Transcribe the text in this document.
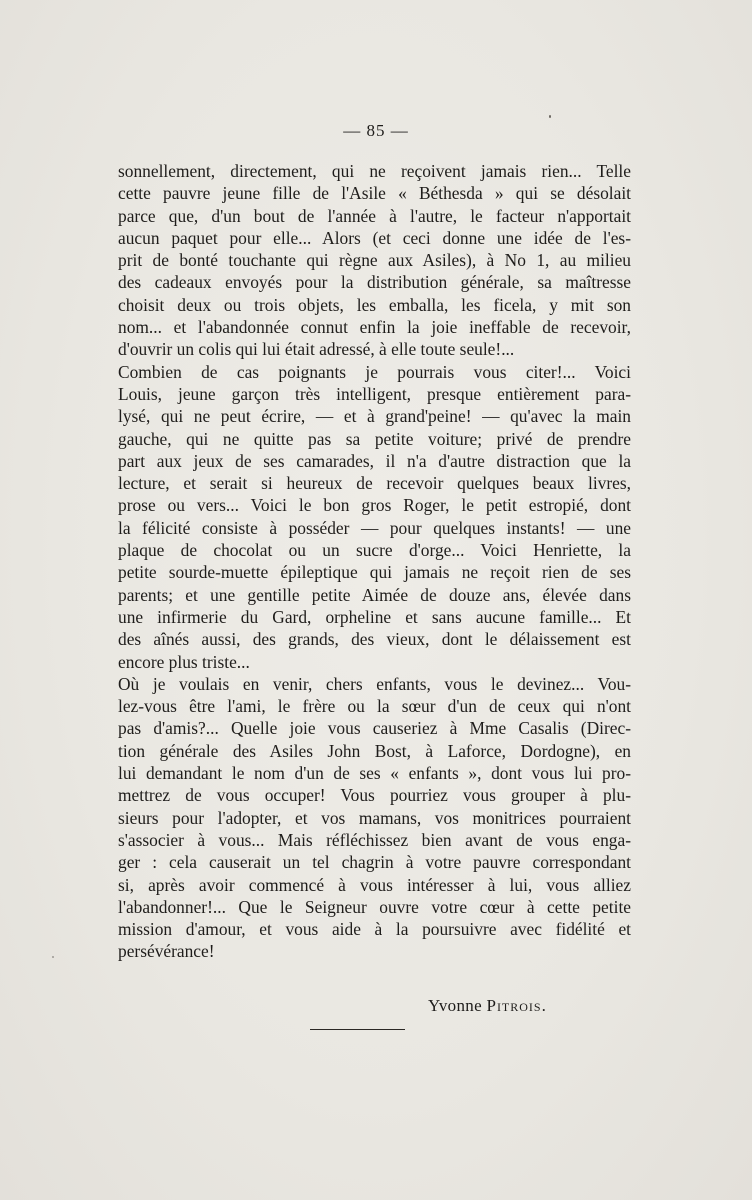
— 85 —
sonnellement, directement, qui ne reçoivent jamais rien... Telle
cette pauvre jeune fille de l'Asile « Béthesda » qui se désolait
parce que, d'un bout de l'année à l'autre, le facteur n'apportait
aucun paquet pour elle... Alors (et ceci donne une idée de l'es-
prit de bonté touchante qui règne aux Asiles), à No 1, au milieu
des cadeaux envoyés pour la distribution générale, sa maîtresse
choisit deux ou trois objets, les emballa, les ficela, y mit son
nom... et l'abandonnée connut enfin la joie ineffable de recevoir,
d'ouvrir un colis qui lui était adressé, à elle toute seule!...
Combien de cas poignants je pourrais vous citer!... Voici
Louis, jeune garçon très intelligent, presque entièrement para-
lysé, qui ne peut écrire, — et à grand'peine! — qu'avec la main
gauche, qui ne quitte pas sa petite voiture; privé de prendre
part aux jeux de ses camarades, il n'a d'autre distraction que la
lecture, et serait si heureux de recevoir quelques beaux livres,
prose ou vers... Voici le bon gros Roger, le petit estropié, dont
la félicité consiste à posséder — pour quelques instants! — une
plaque de chocolat ou un sucre d'orge... Voici Henriette, la
petite sourde-muette épileptique qui jamais ne reçoit rien de ses
parents; et une gentille petite Aimée de douze ans, élevée dans
une infirmerie du Gard, orpheline et sans aucune famille... Et
des aînés aussi, des grands, des vieux, dont le délaissement est
encore plus triste...
Où je voulais en venir, chers enfants, vous le devinez... Vou-
lez-vous être l'ami, le frère ou la sœur d'un de ceux qui n'ont
pas d'amis?... Quelle joie vous causeriez à Mme Casalis (Direc-
tion générale des Asiles John Bost, à Laforce, Dordogne), en
lui demandant le nom d'un de ses « enfants », dont vous lui pro-
mettrez de vous occuper! Vous pourriez vous grouper à plu-
sieurs pour l'adopter, et vos mamans, vos monitrices pourraient
s'associer à vous... Mais réfléchissez bien avant de vous enga-
ger : cela causerait un tel chagrin à votre pauvre correspondant
si, après avoir commencé à vous intéresser à lui, vous alliez
l'abandonner!... Que le Seigneur ouvre votre cœur à cette petite
mission d'amour, et vous aide à la poursuivre avec fidélité et
persévérance!
Yvonne Pitrois.
